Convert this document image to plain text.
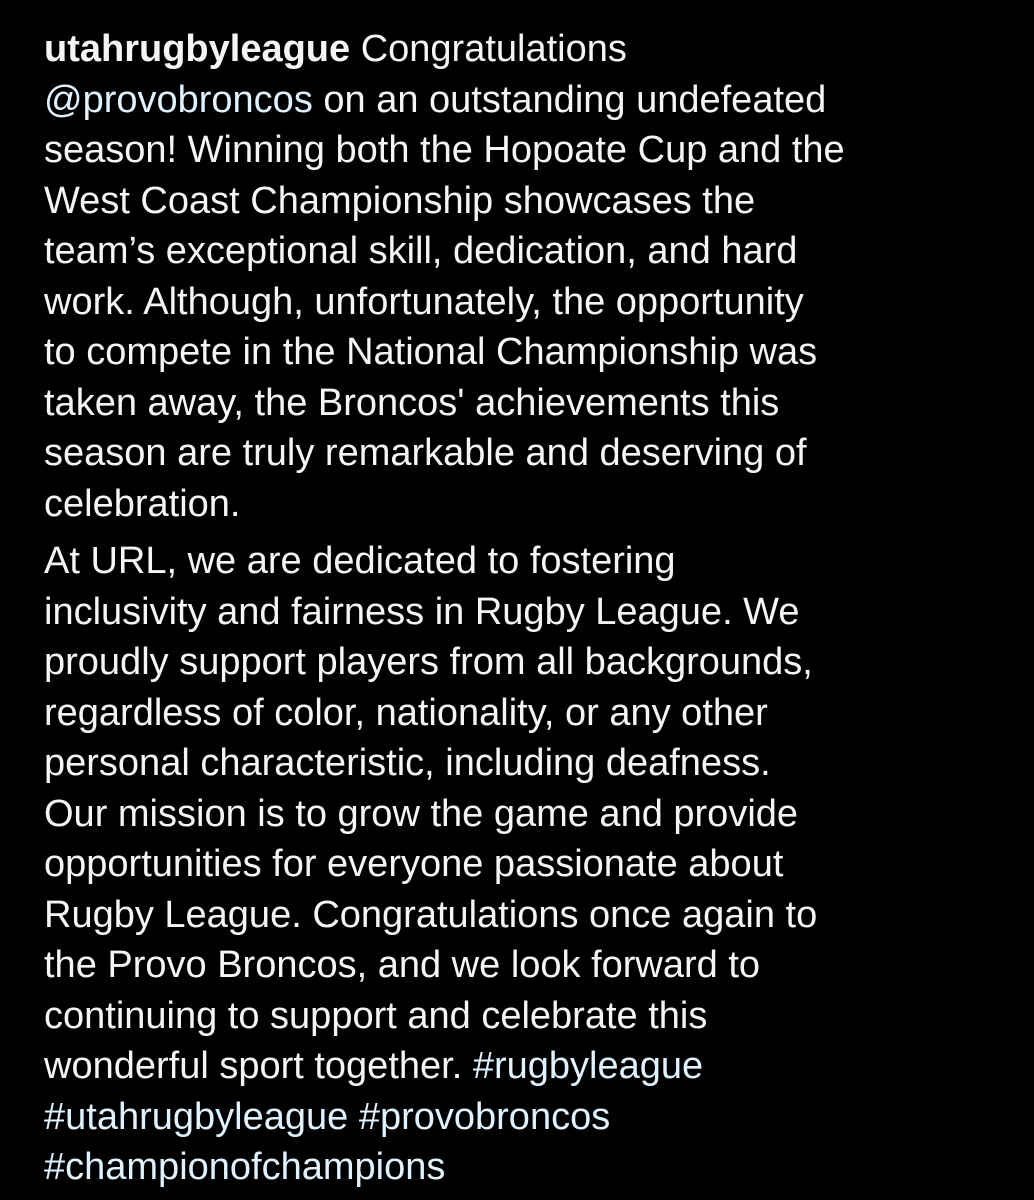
utahrugbyleague Congratulations
@provobroncos on an outstanding undefeated
season! Winning both the Hopoate Cup and the
West Coast Championship showcases the
team’s exceptional skill, dedication, and hard
work. Although, unfortunately, the opportunity
to compete in the National Championship was
taken away, the Broncos' achievements this
season are truly remarkable and deserving of
celebration.
At URL, we are dedicated to fostering
inclusivity and fairness in Rugby League. We
proudly support players from all backgrounds,
regardless of color, nationality, or any other
personal characteristic, including deafness.
Our mission is to grow the game and provide
opportunities for everyone passionate about
Rugby League. Congratulations once again to
the Provo Broncos, and we look forward to
continuing to support and celebrate this
wonderful sport together. #rugbyleague
#utahrugbyleague #provobroncos
#championofchampions
